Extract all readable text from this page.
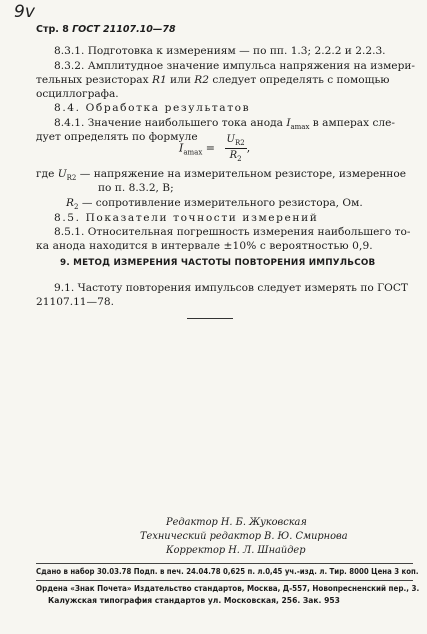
9v
Стр. 8 ГОСТ 21107.10—78
8.3.1. Подготовка к измерениям — по пп. 1.3; 2.2.2 и 2.2.3.
8.3.2. Амплитудное значение импульса напряжения на измери-
тельных резисторах R1 или R2 следует определять с помощью
осциллографа.
8.4. Обработка результатов
8.4.1. Значение наибольшего тока анода $I_{amax}$ в амперах сле-
дует определять по формуле
$I_{amax} = \frac{U_{R2}}{R_2}$ ,
где $U_{R2}$ — напряжение на измерительном резисторе, измеренное
по п. 8.3.2, В;
$R_2$ — сопротивление измерительного резистора, Ом.
8.5. Показатели точности измерений
8.5.1. Относительная погрешность измерения наибольшего то-
ка анода находится в интервале ±10% с вероятностью 0,9.
9. МЕТОД ИЗМЕРЕНИЯ ЧАСТОТЫ ПОВТОРЕНИЯ ИМПУЛЬСОВ
9.1. Частоту повторения импульсов следует измерять по ГОСТ
21107.11—78.
Редактор Н. Б. Жуковская
Технический редактор В. Ю. Смирнова
Корректор Н. Л. Шнайдер
Сдано в набор 30.03.78 Подп. в печ. 24.04.78 0,625 п. л.0,45 уч.-изд. л. Тир. 8000 Цена 3 коп.
Ордена «Знак Почета» Издательство стандартов, Москва, Д-557, Новопресненский пер., 3.
Калужская типография стандартов ул. Московская, 256. Зак. 953
